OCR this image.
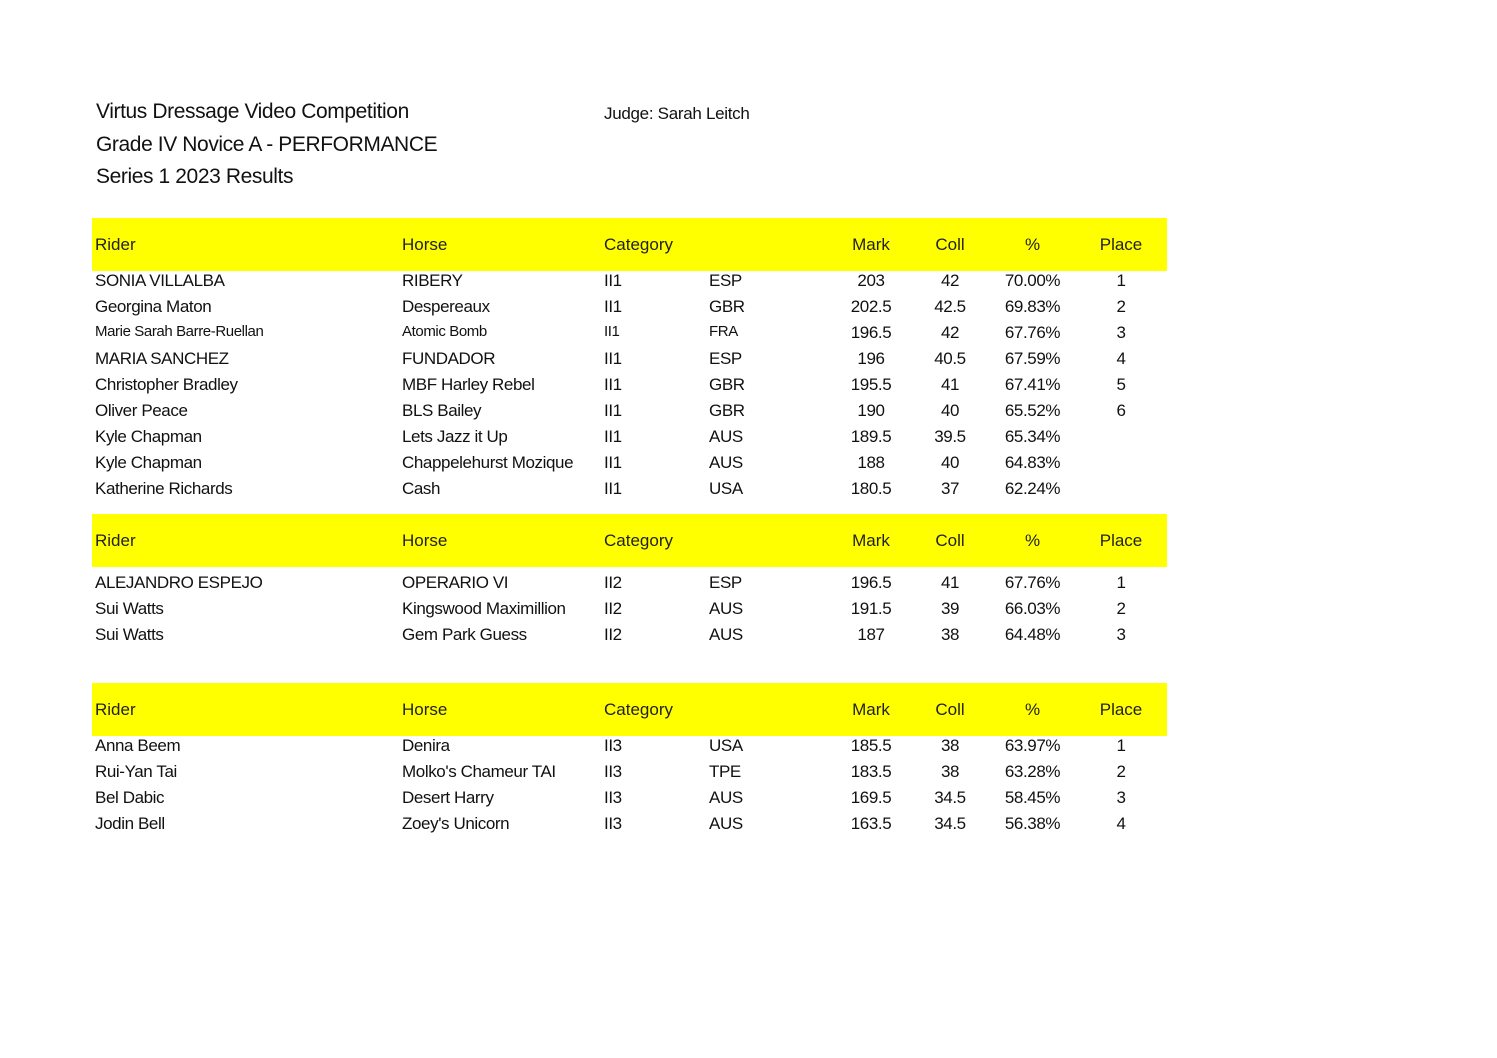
Virtus Dressage Video Competition
Grade IV Novice A - PERFORMANCE
Series 1 2023 Results
Judge: Sarah Leitch
Rider	Horse	Category	Mark	Coll	%	Place
SONIA VILLALBA	RIBERY	II1	ESP	203	42	70.00%	1
Georgina Maton	Despereaux	II1	GBR	202.5	42.5	69.83%	2
Marie Sarah Barre-Ruellan	Atomic Bomb	II1	FRA	196.5	42	67.76%	3
MARIA SANCHEZ	FUNDADOR	II1	ESP	196	40.5	67.59%	4
Christopher Bradley	MBF Harley Rebel	II1	GBR	195.5	41	67.41%	5
Oliver Peace	BLS Bailey	II1	GBR	190	40	65.52%	6
Kyle Chapman	Lets Jazz it Up	II1	AUS	189.5	39.5	65.34%
Kyle Chapman	Chappelehurst Mozique	II1	AUS	188	40	64.83%
Katherine Richards	Cash	II1	USA	180.5	37	62.24%
Rider	Horse	Category	Mark	Coll	%	Place
ALEJANDRO ESPEJO	OPERARIO VI	II2	ESP	196.5	41	67.76%	1
Sui Watts	Kingswood Maximillion	II2	AUS	191.5	39	66.03%	2
Sui Watts	Gem Park Guess	II2	AUS	187	38	64.48%	3
Rider	Horse	Category	Mark	Coll	%	Place
Anna Beem	Denira	II3	USA	185.5	38	63.97%	1
Rui-Yan Tai	Molko's Chameur TAI	II3	TPE	183.5	38	63.28%	2
Bel Dabic	Desert Harry	II3	AUS	169.5	34.5	58.45%	3
Jodin Bell	Zoey's Unicorn	II3	AUS	163.5	34.5	56.38%	4
